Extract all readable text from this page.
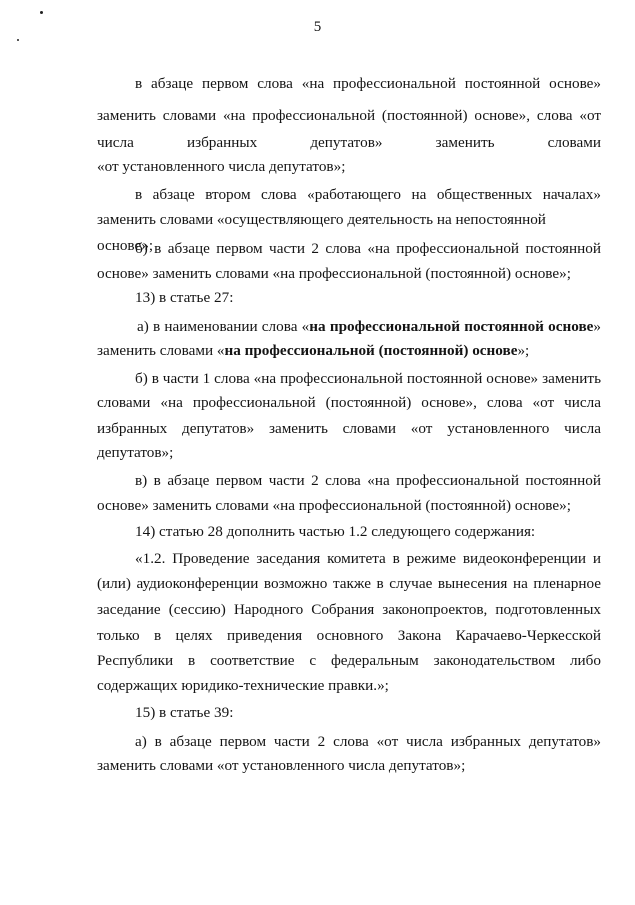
5
в абзаце первом слова «на профессиональной постоянной основе»
заменить словами «на профессиональной (постоянной) основе», слова «от
числа избранных депутатов» заменить словами
«от установленного числа депутатов»;
в абзаце втором слова «работающего на общественных началах»
заменить словами «осуществляющего деятельность на непостоянной основе»;
б) в абзаце первом части 2 слова «на профессиональной постоянной
основе» заменить словами «на профессиональной (постоянной) основе»;
13) в статье 27:
а) в наименовании слова «на профессиональной постоянной основе»
заменить словами «на профессиональной (постоянной) основе»;
б) в части 1 слова «на профессиональной постоянной основе» заменить
словами «на профессиональной (постоянной) основе», слова «от числа
избранных депутатов» заменить словами «от установленного числа
депутатов»;
в) в абзаце первом части 2 слова «на профессиональной постоянной
основе» заменить словами «на профессиональной (постоянной) основе»;
14) статью 28 дополнить частью 1.2 следующего содержания:
«1.2. Проведение заседания комитета в режиме видеоконференции и
(или) аудиоконференции возможно также в случае вынесения на пленарное
заседание (сессию) Народного Собрания законопроектов, подготовленных
только в целях приведения основного Закона Карачаево-Черкесской
Республики в соответствие с федеральным законодательством либо
содержащих юридико-технические правки.»;
15) в статье 39:
а) в абзаце первом части 2 слова «от числа избранных депутатов»
заменить словами «от установленного числа депутатов»;
